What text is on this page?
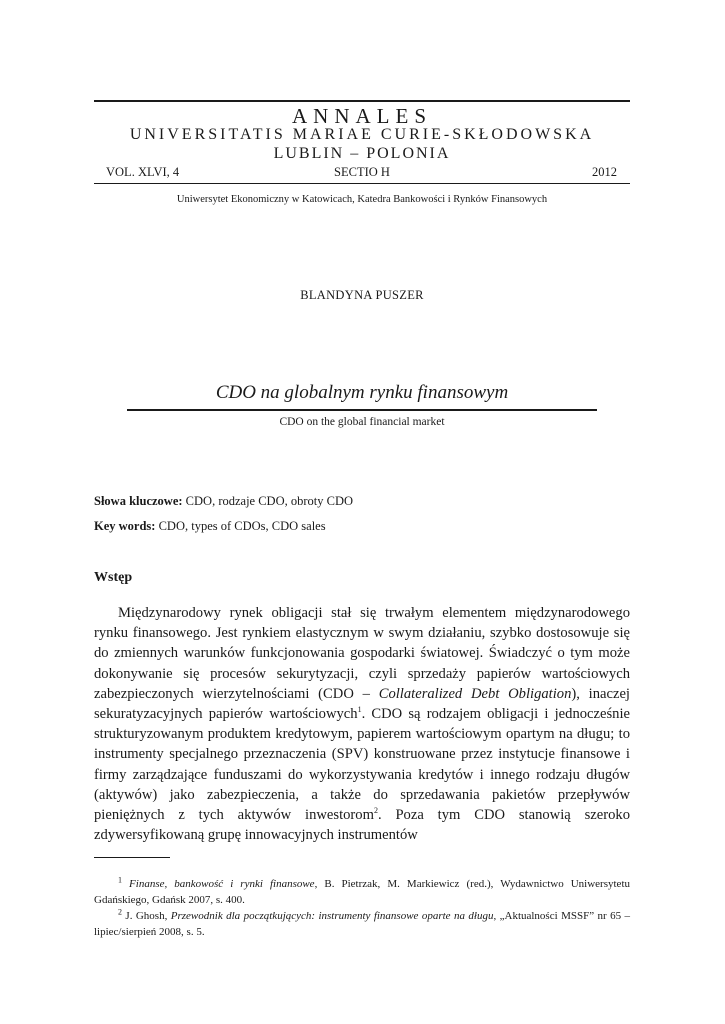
ANNALES
UNIVERSITATIS MARIAE CURIE-SKŁODOWSKA
LUBLIN – POLONIA
VOL. XLVI, 4	SECTIO H	2012
Uniwersytet Ekonomiczny w Katowicach, Katedra Bankowości i Rynków Finansowych
BLANDYNA PUSZER
CDO na globalnym rynku finansowym
CDO on the global financial market
Słowa kluczowe: CDO, rodzaje CDO, obroty CDO
Key words: CDO, types of CDOs, CDO sales
Wstęp

Międzynarodowy rynek obligacji stał się trwałym elementem międzynarodowego rynku finansowego. Jest rynkiem elastycznym w swym działaniu, szybko dostosowuje się do zmiennych warunków funkcjonowania gospodarki światowej. Świadczyć o tym może dokonywanie się procesów sekurytyzacji, czyli sprzedaży papierów wartościowych zabezpieczonych wierzytelnościami (CDO – Collateralized Debt Obligation), inaczej sekuratyzacyjnych papierów wartościowych$^1$. CDO są rodzajem obligacji i jednocześnie strukturyzowanym produktem kredytowym, papierem wartościowym opartym na długu; to instrumenty specjalnego przeznaczenia (SPV) konstruowane przez instytucje finansowe i firmy zarządzające funduszami do wykorzystywania kredytów i innego rodzaju długów (aktywów) jako zabezpieczenia, a także do sprzedawania pakietów przepływów pieniężnych z tych aktywów inwestorom$^2$. Poza tym CDO stanowią szeroko zdywersyfikowaną grupę innowacyjnych instrumentów

$^1$ Finanse, bankowość i rynki finansowe, B. Pietrzak, M. Markiewicz (red.), Wydawnictwo Uniwersytetu Gdańskiego, Gdańsk 2007, s. 400.

$^2$ J. Ghosh, Przewodnik dla początkujących: instrumenty finansowe oparte na długu, „Aktualności MSSF” nr 65 – lipiec/sierpień 2008, s. 5.
